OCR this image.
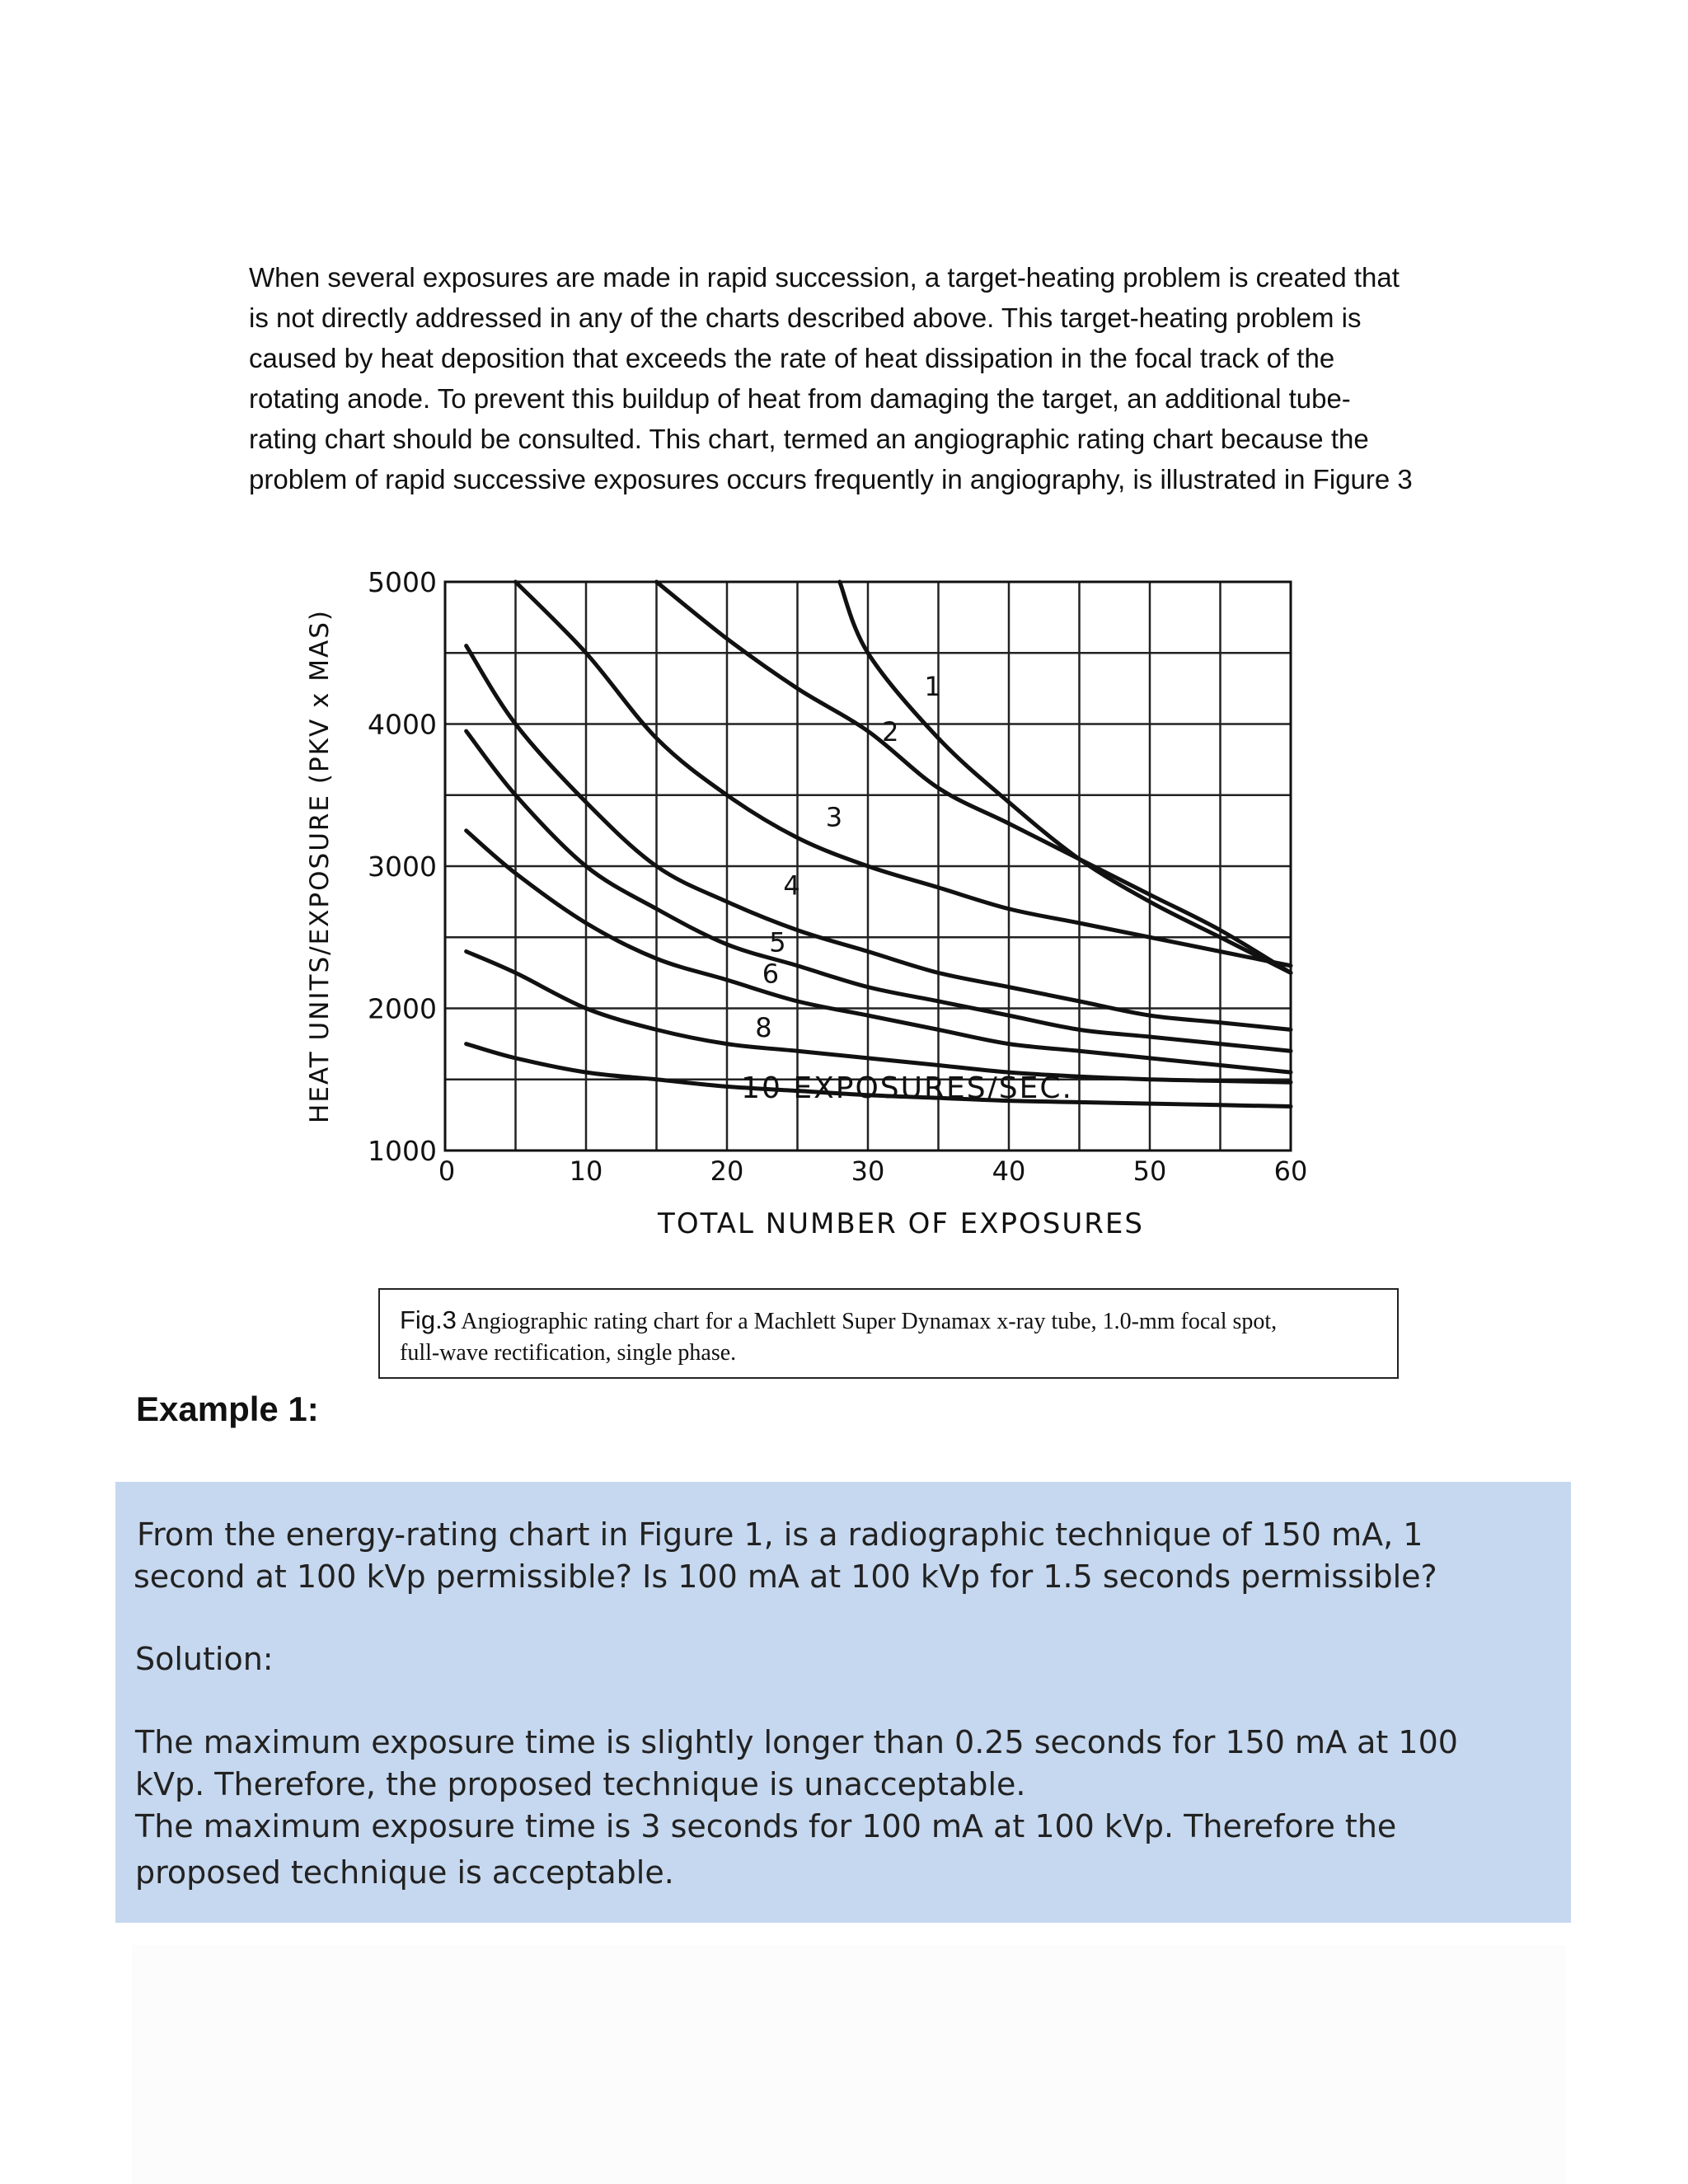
When several exposures are made in rapid succession, a target-heating problem is created that
is not directly addressed in any of the charts described above. This target-heating problem is
caused by heat deposition that exceeds the rate of heat dissipation in the focal track of the
rotating anode. To prevent this buildup of heat from damaging the target, an additional tube-
rating chart should be consulted. This chart, termed an angiographic rating chart because the
problem of rapid successive exposures occurs frequently in angiography, is illustrated in Figure 3
0	10	20	30	40	50	60
1000
2000
3000
4000
5000
TOTAL NUMBER OF EXPOSURES
HEAT UNITS/EXPOSURE (PKV x MAS)	1
2
3
4
5
6
8
10 EXPOSURES/SEC.
Fig.3 Angiographic rating chart for a Machlett Super Dynamax x-ray tube, 1.0-mm focal spot,
full-wave rectification, single phase.
Example 1:
From the energy-rating chart in Figure 1, is a radiographic technique of 150 mA, 1
second at 100 kVp permissible? Is 100 mA at 100 kVp for 1.5 seconds permissible?
Solution:
The maximum exposure time is slightly longer than 0.25 seconds for 150 mA at 100
kVp. Therefore, the proposed technique is unacceptable.
The maximum exposure time is 3 seconds for 100 mA at 100 kVp. Therefore the
proposed technique is acceptable.
